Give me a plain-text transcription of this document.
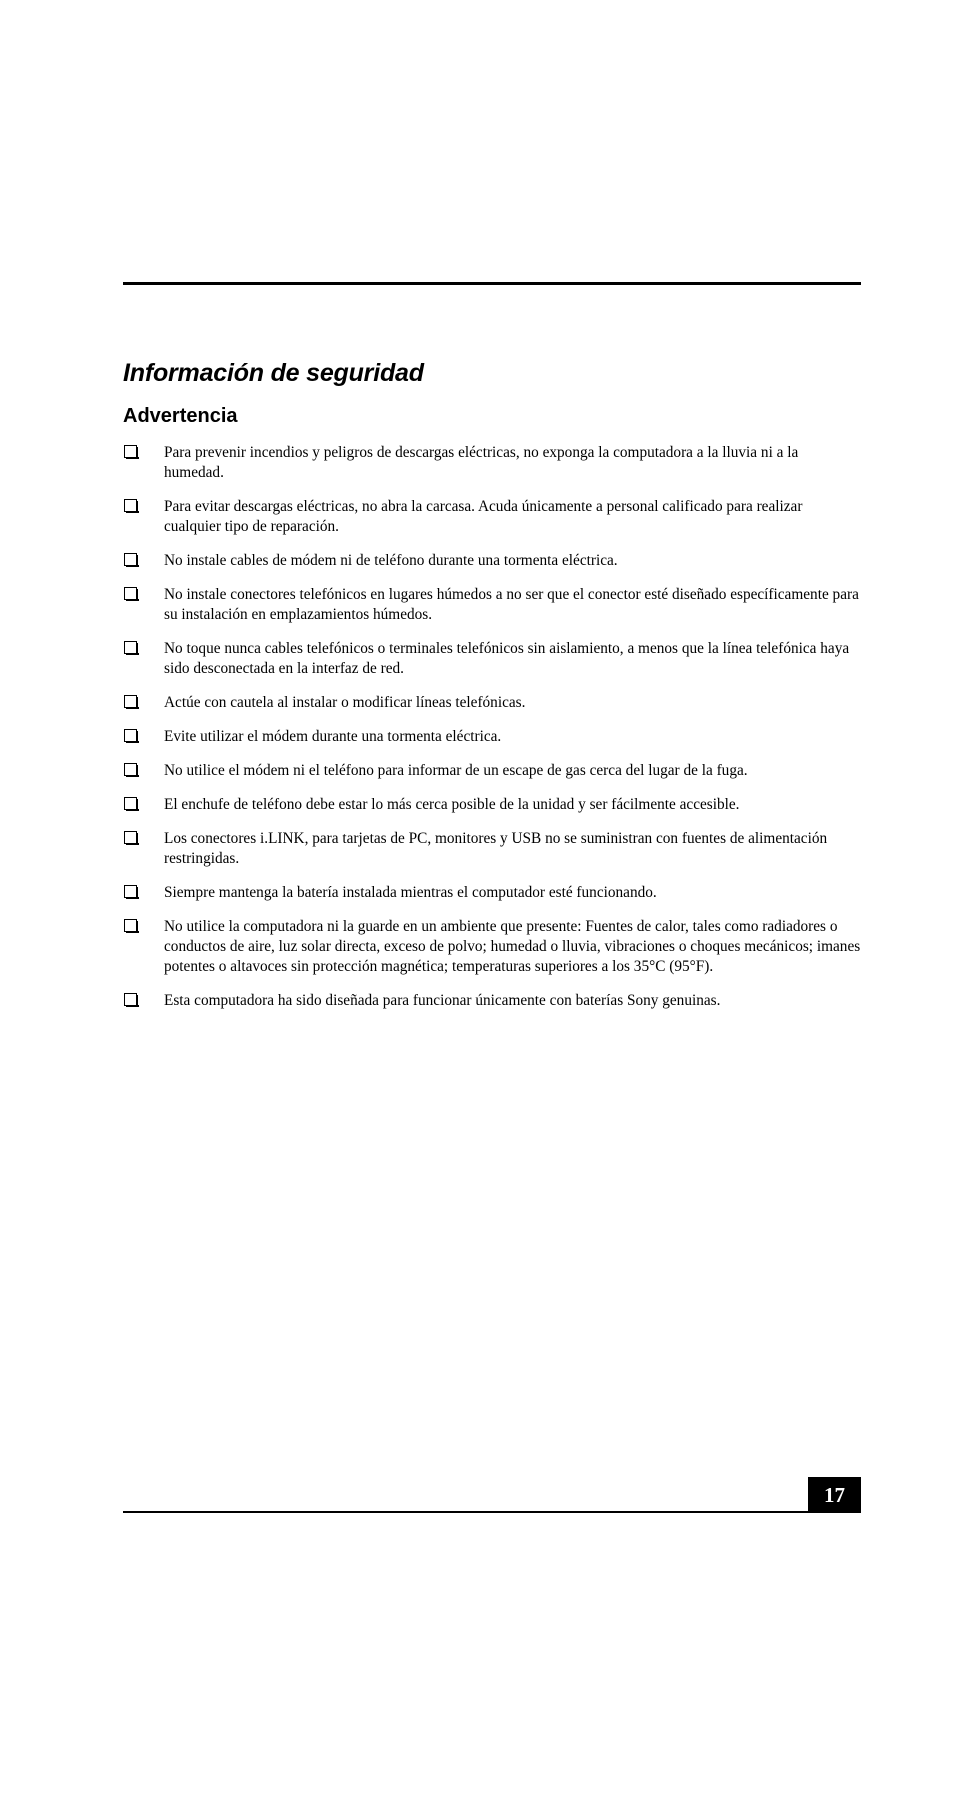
Información de seguridad
Advertencia
Para prevenir incendios y peligros de descargas eléctricas, no exponga la computadora a la lluvia ni a la humedad.
Para evitar descargas eléctricas, no abra la carcasa. Acuda únicamente a personal calificado para realizar cualquier tipo de reparación.
No instale cables de módem ni de teléfono durante una tormenta eléctrica.
No instale conectores telefónicos en lugares húmedos a no ser que el conector esté diseñado específicamente para su instalación en emplazamientos húmedos.
No toque nunca cables telefónicos o terminales telefónicos sin aislamiento, a menos que la línea telefónica haya sido desconectada en la interfaz de red.
Actúe con cautela al instalar o modificar líneas telefónicas.
Evite utilizar el módem durante una tormenta eléctrica.
No utilice el módem ni el teléfono para informar de un escape de gas cerca del lugar de la fuga.
El enchufe de teléfono debe estar lo más cerca posible de la unidad y ser fácilmente accesible.
Los conectores i.LINK, para tarjetas de PC, monitores y USB no se suministran con fuentes de alimentación restringidas.
Siempre mantenga la batería instalada mientras el computador esté funcionando.
No utilice la computadora ni la guarde en un ambiente que presente: Fuentes de calor, tales como radiadores o conductos de aire, luz solar directa, exceso de polvo; humedad o lluvia, vibraciones o choques mecánicos; imanes potentes o altavoces sin protección magnética; temperaturas superiores a los 35°C (95°F).
Esta computadora ha sido diseñada para funcionar únicamente con baterías Sony genuinas.
17
